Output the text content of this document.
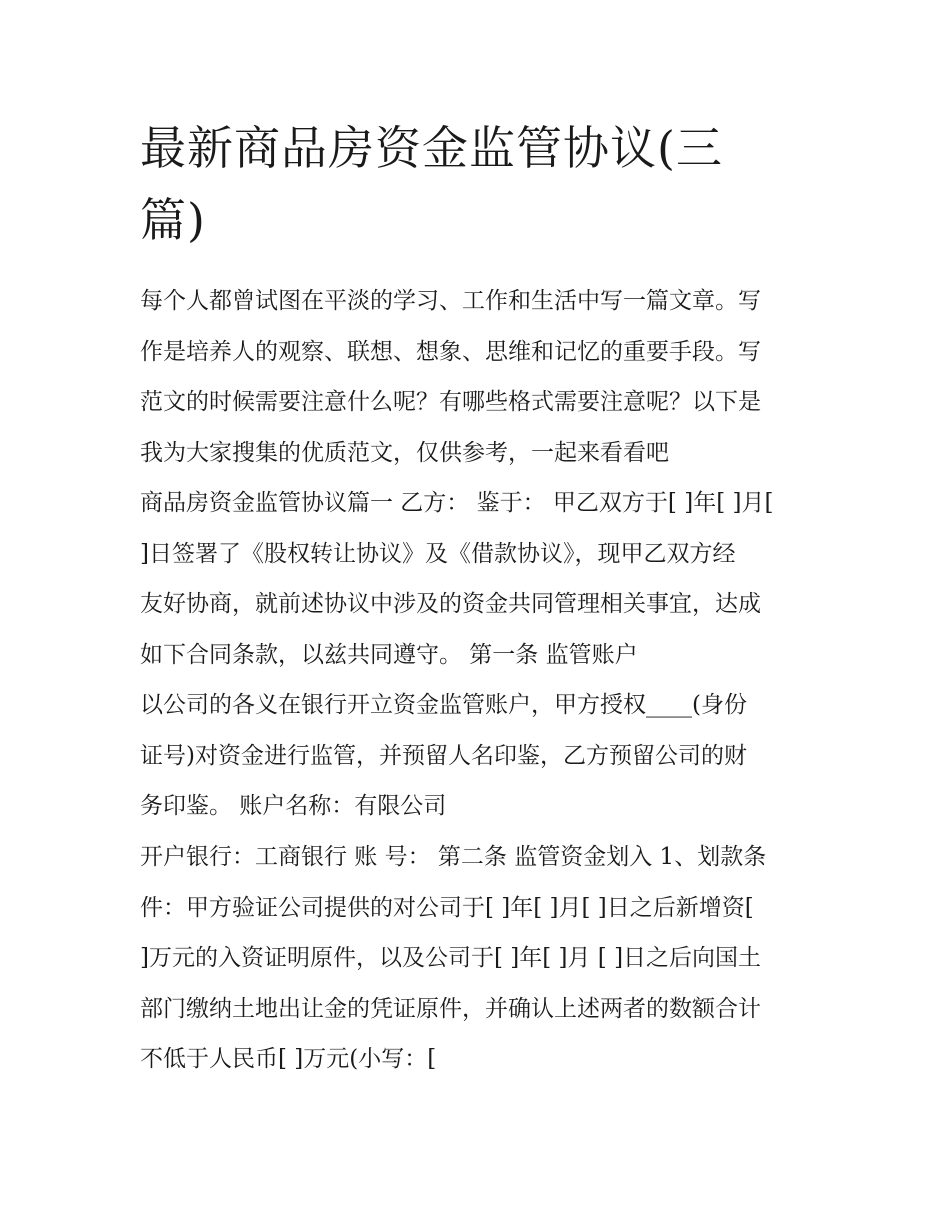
最新商品房资金监管协议(三
篇)
每个人都曾试图在平淡的学习、工作和生活中写一篇文章。写
作是培养人的观察、联想、想象、思维和记忆的重要手段。写
范文的时候需要注意什么呢？有哪些格式需要注意呢？以下是
我为大家搜集的优质范文，仅供参考，一起来看看吧
商品房资金监管协议篇一 乙方： 鉴于： 甲乙双方于[ ]年[ ]月[
]日签署了《股权转让协议》及《借款协议》，现甲乙双方经
友好协商，就前述协议中涉及的资金共同管理相关事宜，达成
如下合同条款，以兹共同遵守。 第一条 监管账户
以公司的各义在银行开立资金监管账户，甲方授权____(身份
证号)对资金进行监管，并预留人名印鉴，乙方预留公司的财
务印鉴。 账户名称：有限公司
开户银行：工商银行 账 号： 第二条 监管资金划入 1、划款条
件：甲方验证公司提供的对公司于[ ]年[ ]月[ ]日之后新增资[
]万元的入资证明原件，以及公司于[ ]年[ ]月 [ ]日之后向国土
部门缴纳土地出让金的凭证原件，并确认上述两者的数额合计
不低于人民币[ ]万元(小写：[
